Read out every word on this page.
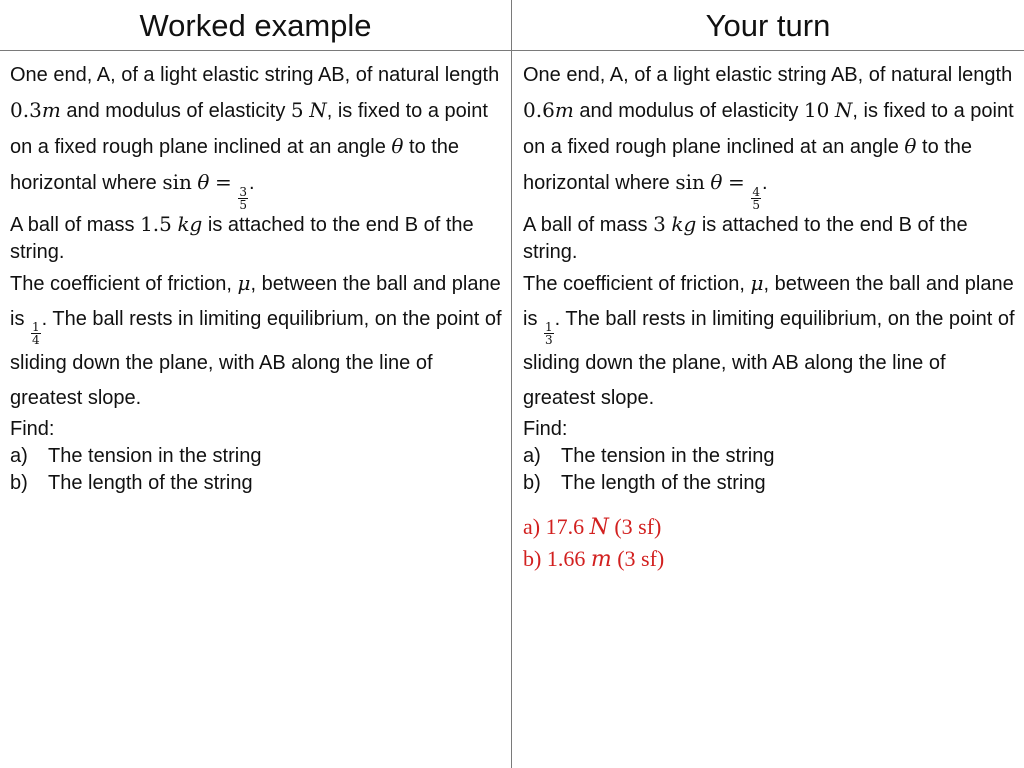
Worked example	Your turn

One end, A, of a light elastic string AB, of natural length 0.3m and modulus of elasticity 5 N, is fixed to a point on a fixed rough plane inclined at an angle θ to the horizontal where sin θ =
$\frac{3}{5}$
.

A ball of mass 1.5 kg is attached to the end B of the string.

The coefficient of friction, μ, between the ball and plane is
$\frac{1}{4}$
. The ball rests in limiting equilibrium, on the point of sliding down the plane, with AB along the line of greatest slope.

Find:

a)	The tension in the string
b)	The length of the string

One end, A, of a light elastic string AB, of natural length 0.6m and modulus of elasticity 10 N, is fixed to a point on a fixed rough plane inclined at an angle θ to the horizontal where sin θ =
$\frac{4}{5}$
.

A ball of mass 3 kg is attached to the end B of the string.

The coefficient of friction, μ, between the ball and plane is
$\frac{1}{3}$
. The ball rests in limiting equilibrium, on the point of sliding down the plane, with AB along the line of greatest slope.

Find:

a)	The tension in the string
b)	The length of the string
a) 17.6 N (3 sf)
b) 1.66 m (3 sf)
